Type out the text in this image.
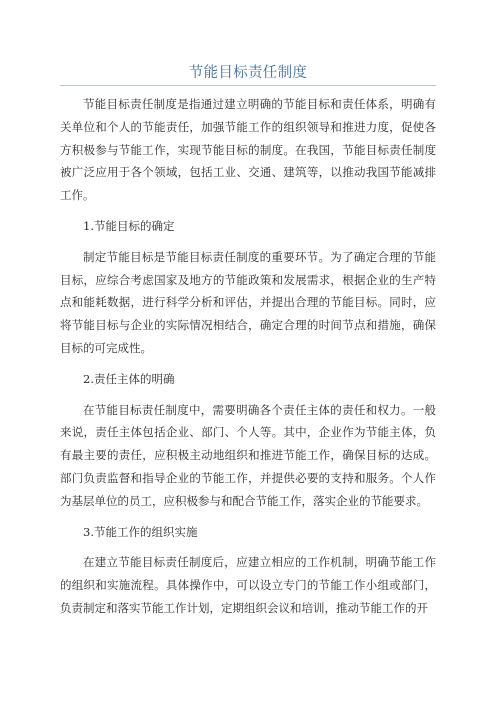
节能目标责任制度

节能目标责任制度是指通过建立明确的节能目标和责任体系，明确有关单位和个人的节能责任，加强节能工作的组织领导和推进力度，促使各方积极参与节能工作，实现节能目标的制度。在我国，节能目标责任制度被广泛应用于各个领域，包括工业、交通、建筑等，以推动我国节能减排工作。

1.节能目标的确定

制定节能目标是节能目标责任制度的重要环节。为了确定合理的节能目标，应综合考虑国家及地方的节能政策和发展需求，根据企业的生产特点和能耗数据，进行科学分析和评估，并提出合理的节能目标。同时，应将节能目标与企业的实际情况相结合，确定合理的时间节点和措施，确保目标的可完成性。

2.责任主体的明确

在节能目标责任制度中，需要明确各个责任主体的责任和权力。一般来说，责任主体包括企业、部门、个人等。其中，企业作为节能主体，负有最主要的责任，应积极主动地组织和推进节能工作，确保目标的达成。部门负责监督和指导企业的节能工作，并提供必要的支持和服务。个人作为基层单位的员工，应积极参与和配合节能工作，落实企业的节能要求。

3.节能工作的组织实施

在建立节能目标责任制度后，应建立相应的工作机制，明确节能工作的组织和实施流程。具体操作中，可以设立专门的节能工作小组或部门，负责制定和落实节能工作计划，定期组织会议和培训，推动节能工作的开
